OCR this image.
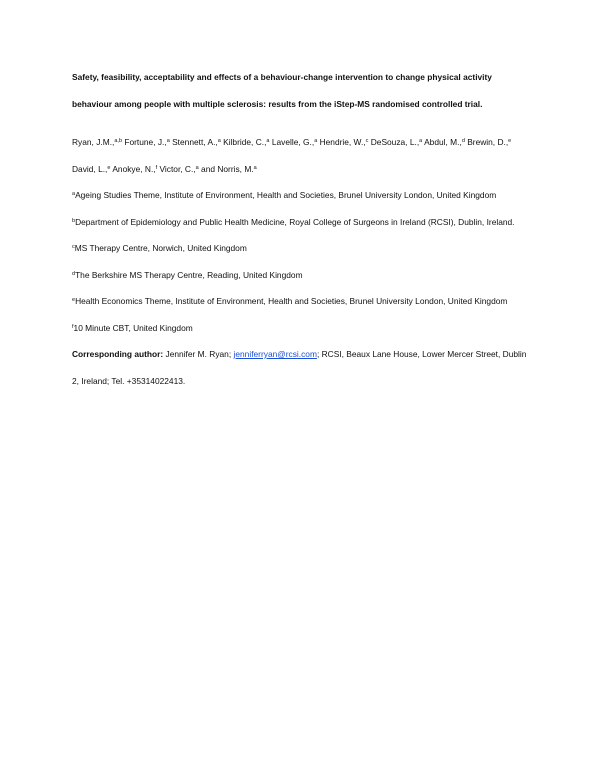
Safety, feasibility, acceptability and effects of a behaviour-change intervention to change physical activity behaviour among people with multiple sclerosis: results from the iStep-MS randomised controlled trial.

Ryan, J.M.,$^{a,b}$ Fortune, J.,$^a$ Stennett, A.,$^a$ Kilbride, C.,$^a$ Lavelle, G.,$^a$ Hendrie, W.,$^c$ DeSouza, L.,$^a$ Abdul, M.,$^d$ Brewin, D.,$^e$ David, L.,$^e$ Anokye, N.,$^f$ Victor, C.,$^a$ and Norris, M.$^a$

$^a$Ageing Studies Theme, Institute of Environment, Health and Societies, Brunel University London, United Kingdom

$^b$Department of Epidemiology and Public Health Medicine, Royal College of Surgeons in Ireland (RCSI), Dublin, Ireland.

$^c$MS Therapy Centre, Norwich, United Kingdom

$^d$The Berkshire MS Therapy Centre, Reading, United Kingdom

$^e$Health Economics Theme, Institute of Environment, Health and Societies, Brunel University London, United Kingdom

$^f$10 Minute CBT, United Kingdom

Corresponding author: Jennifer M. Ryan; jenniferryan@rcsi.com; RCSI, Beaux Lane House, Lower Mercer Street, Dublin 2, Ireland; Tel. +35314022413.
